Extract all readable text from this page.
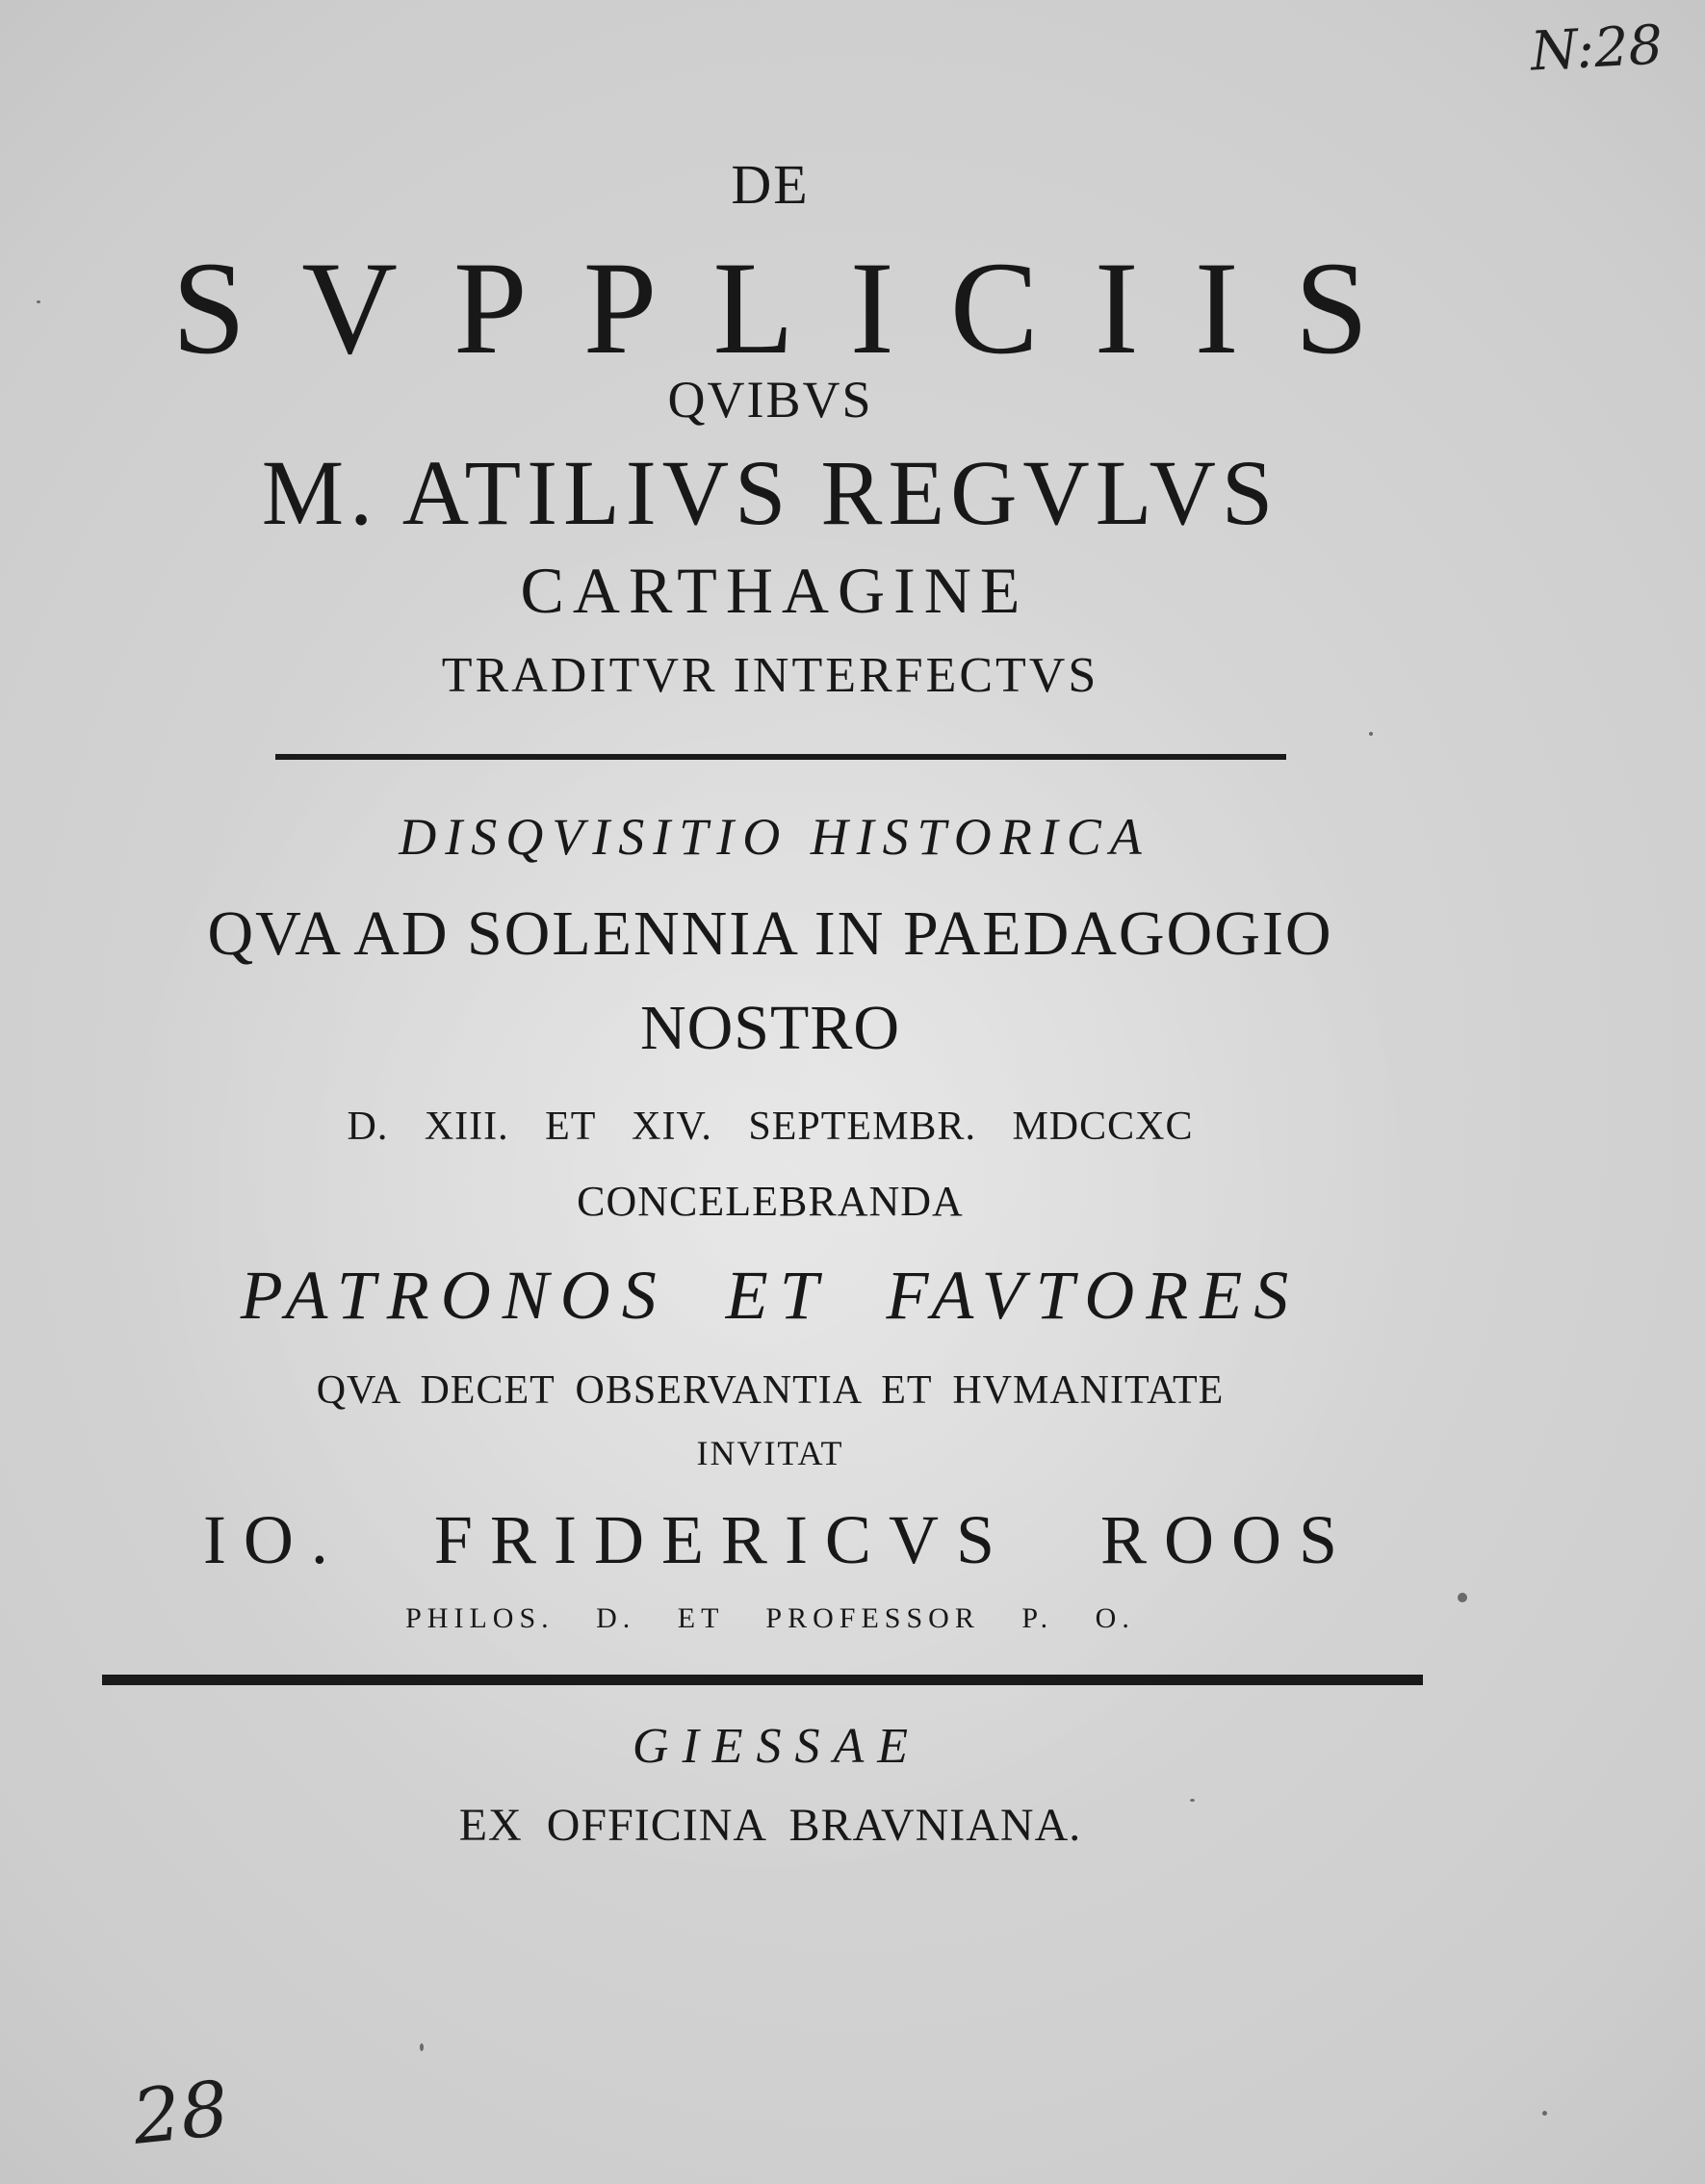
N:28
28
DE
SVPPLICIIS
QVIBVS
M. ATILIVS REGVLVS
CARTHAGINE
TRADITVR INTERFECTVS
DISQVISITIO HISTORICA
QVA AD SOLENNIA IN PAEDAGOGIO
NOSTRO
D. XIII. ET XIV. SEPTEMBR. MDCCXC
CONCELEBRANDA
PATRONOS ET FAVTORES
QVA DECET OBSERVANTIA ET HVMANITATE
INVITAT
IO. FRIDERICVS ROOS
PHILOS. D. ET PROFESSOR P. O.
GIESSAE
EX OFFICINA BRAVNIANA.
